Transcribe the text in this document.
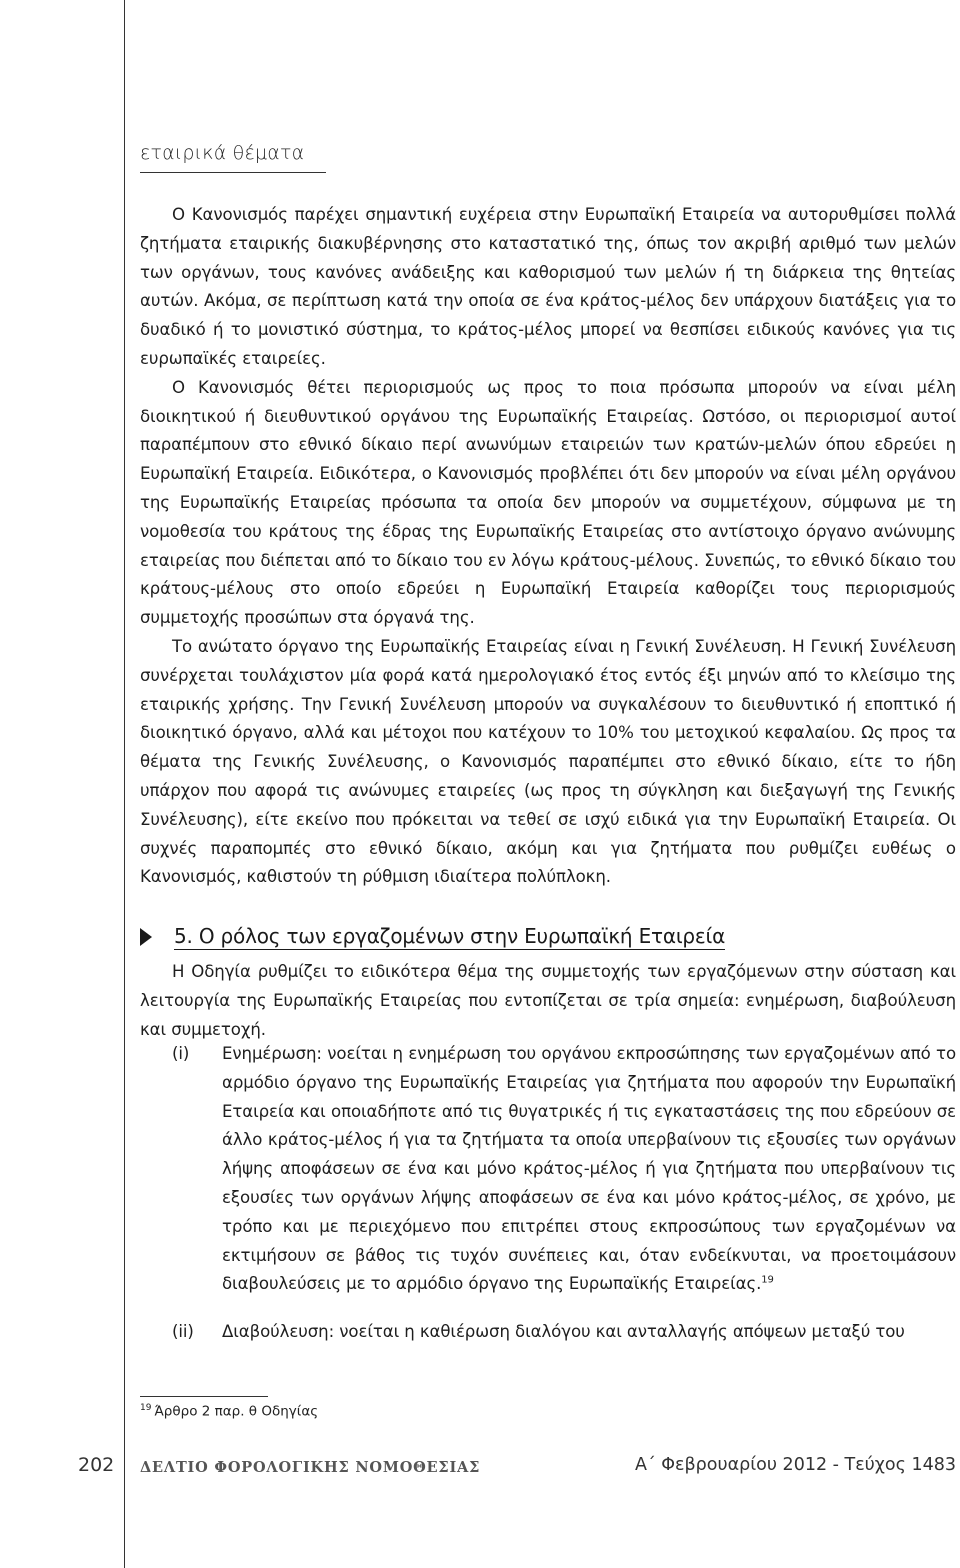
εταιρικά θέματα

Ο Κανονισμός παρέχει σημαντική ευχέρεια στην Ευρωπαϊκή Εταιρεία να αυτορυθμίσει πολλά ζητήματα εταιρικής διακυβέρνησης στο καταστατικό της, όπως τον ακριβή αριθμό των μελών των οργάνων, τους κανόνες ανάδειξης και καθορισμού των μελών ή τη διάρκεια της θητείας αυτών. Ακόμα, σε περίπτωση κατά την οποία σε ένα κράτος-μέλος δεν υπάρχουν διατάξεις για το δυαδικό ή το μονιστικό σύστημα, το κράτος-μέλος μπορεί να θεσπίσει ειδικούς κανόνες για τις ευρωπαϊκές εταιρείες.

Ο Κανονισμός θέτει περιορισμούς ως προς το ποια πρόσωπα μπορούν να είναι μέλη διοικητικού ή διευθυντικού οργάνου της Ευρωπαϊκής Εταιρείας. Ωστόσο, οι περιορισμοί αυτοί παραπέμπουν στο εθνικό δίκαιο περί ανωνύμων εταιρειών των κρατών-μελών όπου εδρεύει η Ευρωπαϊκή Εταιρεία. Ειδικότερα, ο Κανονισμός προβλέπει ότι δεν μπορούν να είναι μέλη οργάνου της Ευρωπαϊκής Εταιρείας πρόσωπα τα οποία δεν μπορούν να συμμετέχουν, σύμφωνα με τη νομοθεσία του κράτους της έδρας της Ευρωπαϊκής Εταιρείας στο αντίστοιχο όργανο ανώνυμης εταιρείας που διέπεται από το δίκαιο του εν λόγω κράτους-μέλους. Συνεπώς, το εθνικό δίκαιο του κράτους-μέλους στο οποίο εδρεύει η Ευρωπαϊκή Εταιρεία καθορίζει τους περιορισμούς συμμετοχής προσώπων στα όργανά της.

Το ανώτατο όργανο της Ευρωπαϊκής Εταιρείας είναι η Γενική Συνέλευση. Η Γενική Συνέλευση συνέρχεται τουλάχιστον μία φορά κατά ημερολογιακό έτος εντός έξι μηνών από το κλείσιμο της εταιρικής χρήσης. Την Γενική Συνέλευση μπορούν να συγκαλέσουν το διευθυντικό ή εποπτικό ή διοικητικό όργανο, αλλά και μέτοχοι που κατέχουν το 10% του μετοχικού κεφαλαίου. Ως προς τα θέματα της Γενικής Συνέλευσης, ο Κανονισμός παραπέμπει στο εθνικό δίκαιο, είτε το ήδη υπάρχον που αφορά τις ανώνυμες εταιρείες (ως προς τη σύγκληση και διεξαγωγή της Γενικής Συνέλευσης), είτε εκείνο που πρόκειται να τεθεί σε ισχύ ειδικά για την Ευρωπαϊκή Εταιρεία. Οι συχνές παραπομπές στο εθνικό δίκαιο, ακόμη και για ζητήματα που ρυθμίζει ευθέως ο Κανονισμός, καθιστούν τη ρύθμιση ιδιαίτερα πολύπλοκη.

5. Ο ρόλος των εργαζομένων στην Ευρωπαϊκή Εταιρεία

Η Οδηγία ρυθμίζει το ειδικότερα θέμα της συμμετοχής των εργαζόμενων στην σύσταση και λειτουργία της Ευρωπαϊκής Εταιρείας που εντοπίζεται σε τρία σημεία: ενημέρωση, διαβούλευση και συμμετοχή.

(i)	Ενημέρωση: νοείται η ενημέρωση του οργάνου εκπροσώπησης των εργαζομένων από το αρμόδιο όργανο της Ευρωπαϊκής Εταιρείας για ζητήματα που αφορούν την Ευρωπαϊκή Εταιρεία και οποιαδήποτε από τις θυγατρικές ή τις εγκαταστάσεις της που εδρεύουν σε άλλο κράτος-μέλος ή για τα ζητήματα τα οποία υπερβαίνουν τις εξουσίες των οργάνων λήψης αποφάσεων σε ένα και μόνο κράτος-μέλος ή για ζητήματα που υπερβαίνουν τις εξουσίες των οργάνων λήψης αποφάσεων σε ένα και μόνο κράτος-μέλος, σε χρόνο, με τρόπο και με περιεχόμενο που επιτρέπει στους εκπροσώπους των εργαζομένων να εκτιμήσουν σε βάθος τις τυχόν συνέπειες και, όταν ενδείκνυται, να προετοιμάσουν διαβουλεύσεις με το αρμόδιο όργανο της Ευρωπαϊκής Εταιρείας.$^{19}$
(ii)	Διαβούλευση: νοείται η καθιέρωση διαλόγου και ανταλλαγής απόψεων μεταξύ του
$^{19}$ Άρθρο 2 παρ. θ Οδηγίας
202 ΔΕΛΤΙΟ ΦΟΡΟΛΟΓΙΚΗΣ ΝΟΜΟΘΕΣΙΑΣ	Α΄ Φεβρουαρίου 2012 - Τεύχος 1483
